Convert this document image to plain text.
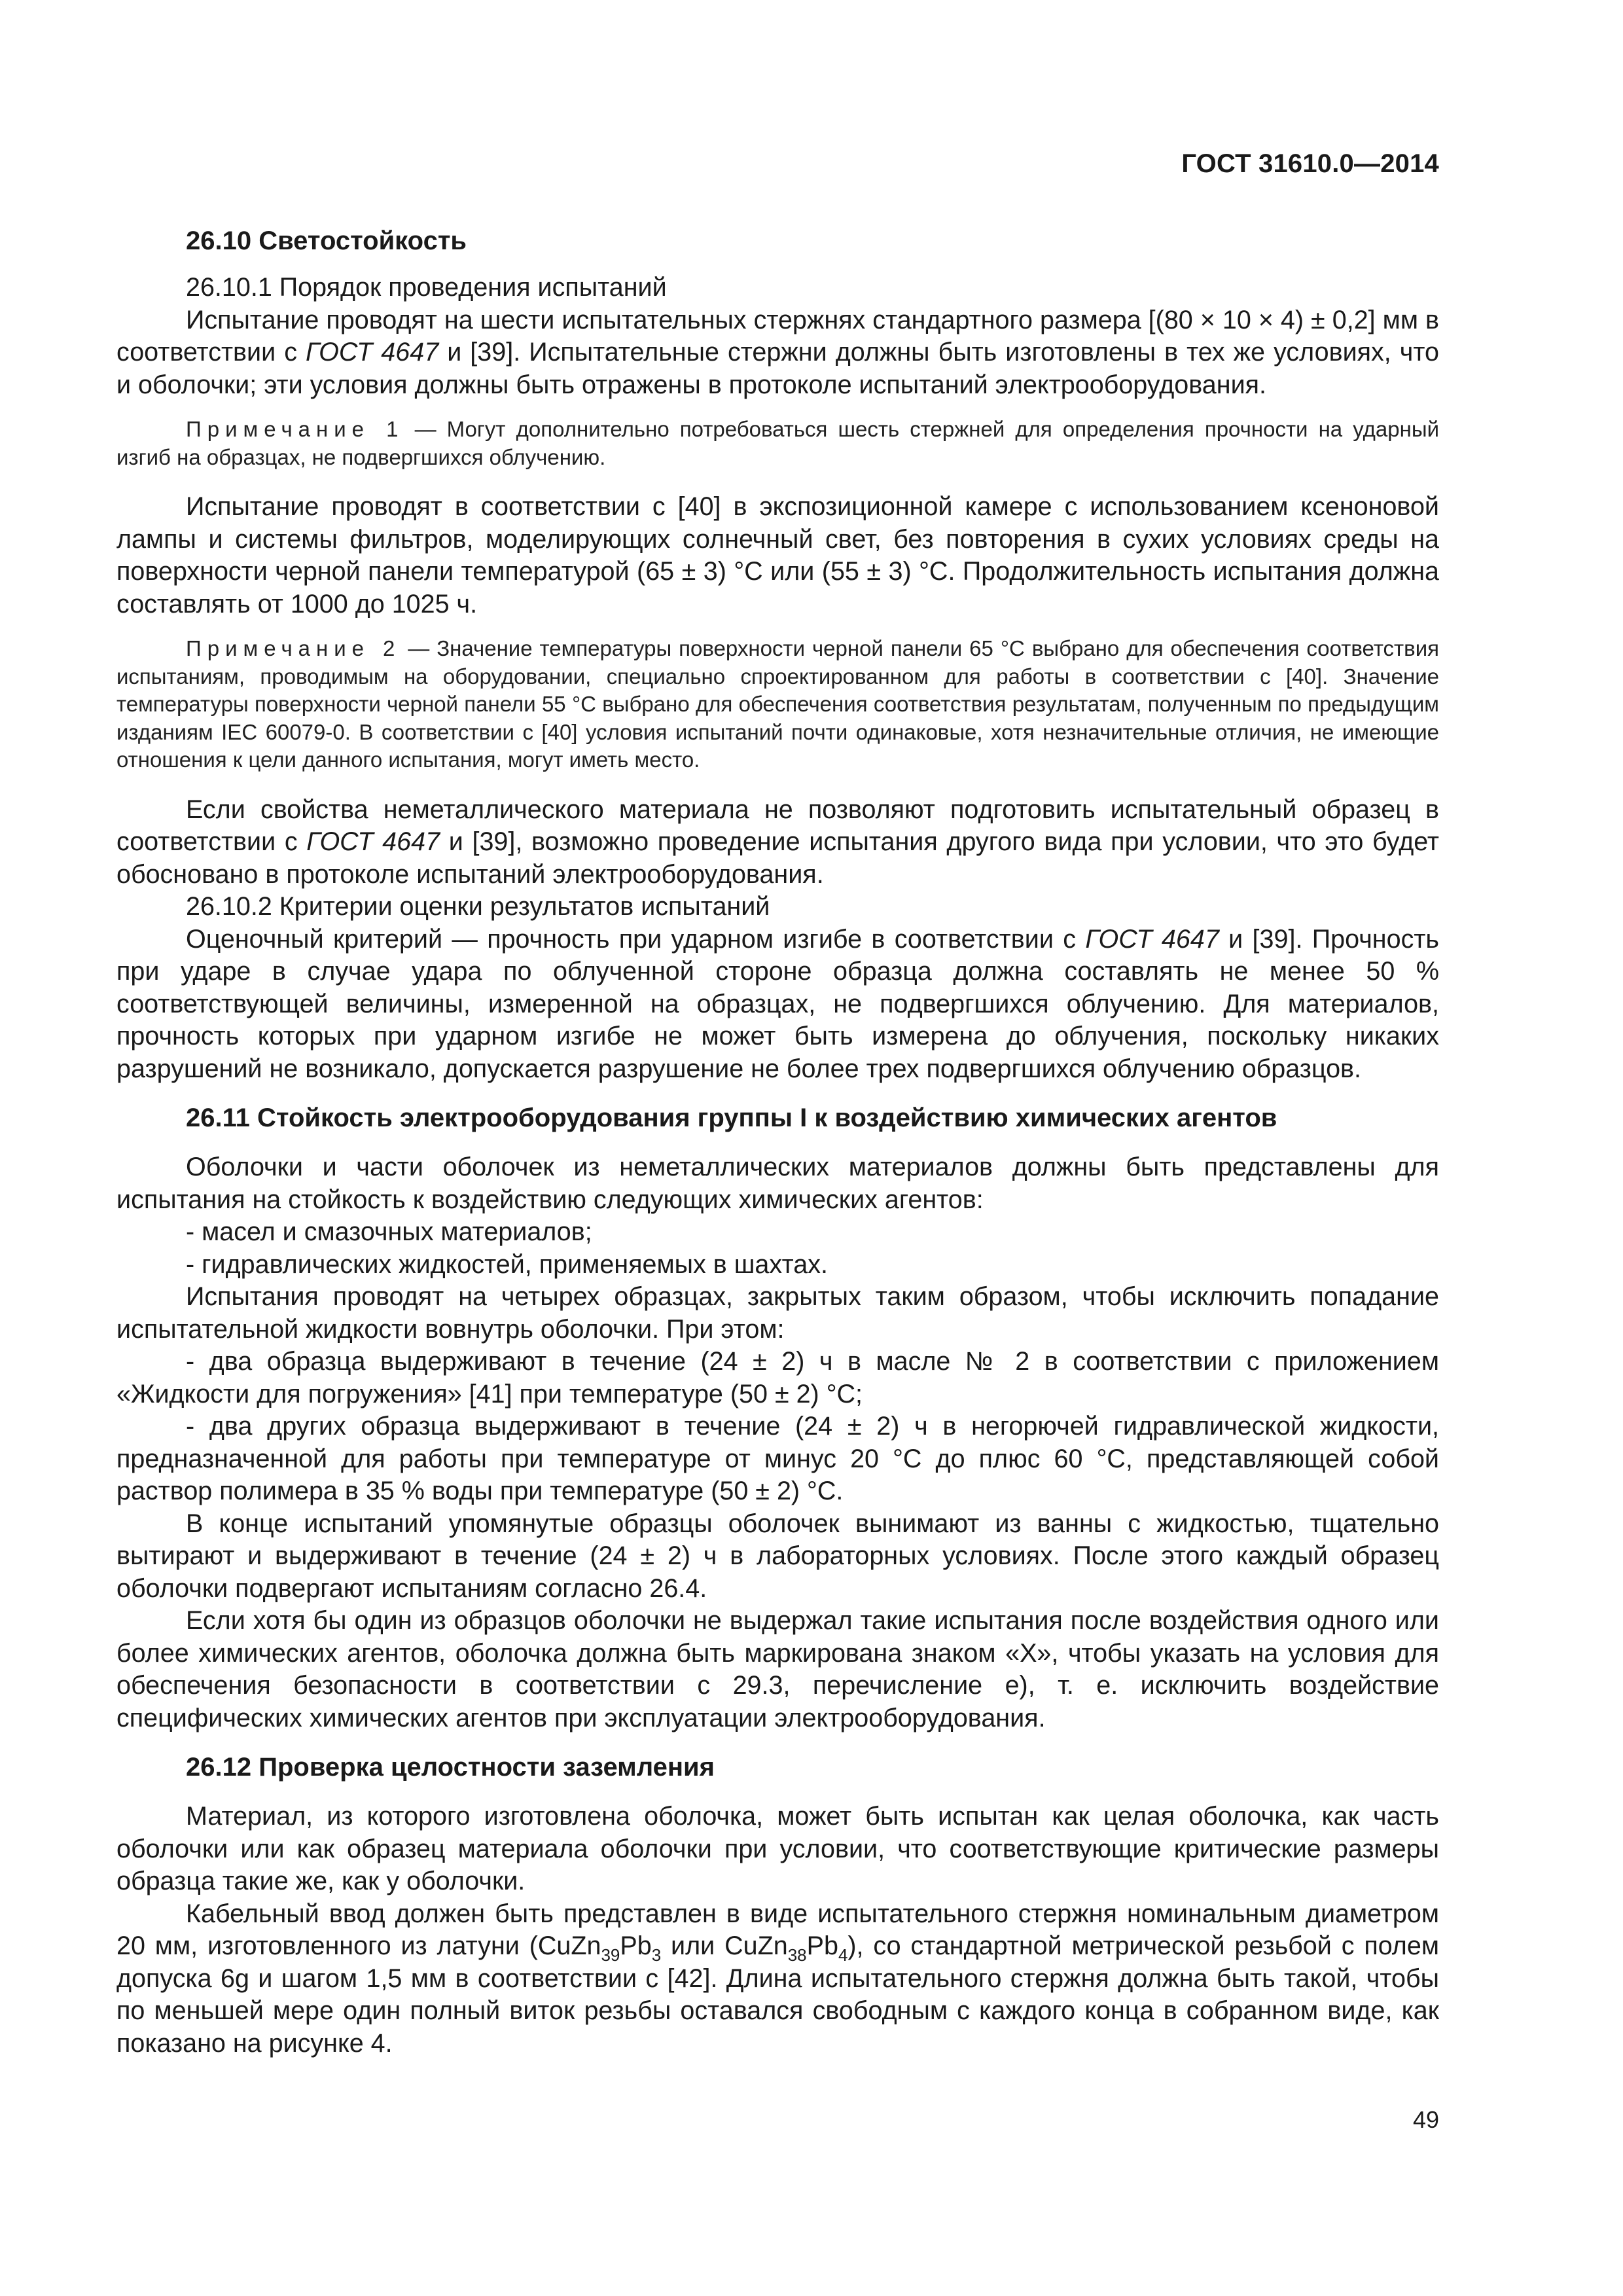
ГОСТ 31610.0—2014

26.10 Светостойкость

26.10.1 Порядок проведения испытаний

Испытание проводят на шести испытательных стержнях стандартного размера [(80 × 10 × 4) ± 0,2] мм в соответствии с ГОСТ 4647 и [39]. Испытательные стержни должны быть изготовлены в тех же условиях, что и оболочки; эти условия должны быть отражены в протоколе испытаний электрооборудования.

Примечание 1 — Могут дополнительно потребоваться шесть стержней для определения прочности на ударный изгиб на образцах, не подвергшихся облучению.

Испытание проводят в соответствии с [40] в экспозиционной камере с использованием ксеноновой лампы и системы фильтров, моделирующих солнечный свет, без повторения в сухих условиях среды на поверхности черной панели температурой (65 ± 3) °С или (55 ± 3) °С. Продолжительность испытания должна составлять от 1000 до 1025 ч.

Примечание 2 — Значение температуры поверхности черной панели 65 °С выбрано для обеспечения соответствия испытаниям, проводимым на оборудовании, специально спроектированном для работы в соответствии с [40]. Значение температуры поверхности черной панели 55 °С выбрано для обеспечения соответствия результатам, полученным по предыдущим изданиям IEC 60079-0. В соответствии с [40] условия испытаний почти одинаковые, хотя незначительные отличия, не имеющие отношения к цели данного испытания, могут иметь место.

Если свойства неметаллического материала не позволяют подготовить испытательный образец в соответствии с ГОСТ 4647 и [39], возможно проведение испытания другого вида при условии, что это будет обосновано в протоколе испытаний электрооборудования.

26.10.2 Критерии оценки результатов испытаний

Оценочный критерий — прочность при ударном изгибе в соответствии с ГОСТ 4647 и [39]. Прочность при ударе в случае удара по облученной стороне образца должна составлять не менее 50 % соответствующей величины, измеренной на образцах, не подвергшихся облучению. Для материалов, прочность которых при ударном изгибе не может быть измерена до облучения, поскольку никаких разрушений не возникало, допускается разрушение не более трех подвергшихся облучению образцов.

26.11 Стойкость электрооборудования группы I к воздействию химических агентов

Оболочки и части оболочек из неметаллических материалов должны быть представлены для испытания на стойкость к воздействию следующих химических агентов:

- масел и смазочных материалов;

- гидравлических жидкостей, применяемых в шахтах.

Испытания проводят на четырех образцах, закрытых таким образом, чтобы исключить попадание испытательной жидкости вовнутрь оболочки. При этом:

- два образца выдерживают в течение (24 ± 2) ч в масле № 2 в соответствии с приложением «Жидкости для погружения» [41] при температуре (50 ± 2) °С;

- два других образца выдерживают в течение (24 ± 2) ч в негорючей гидравлической жидкости, предназначенной для работы при температуре от минус 20 °С до плюс 60 °С, представляющей собой раствор полимера в 35 % воды при температуре (50 ± 2) °С.

В конце испытаний упомянутые образцы оболочек вынимают из ванны с жидкостью, тщательно вытирают и выдерживают в течение (24 ± 2) ч в лабораторных условиях. После этого каждый образец оболочки подвергают испытаниям согласно 26.4.

Если хотя бы один из образцов оболочки не выдержал такие испытания после воздействия одного или более химических агентов, оболочка должна быть маркирована знаком «Х», чтобы указать на условия для обеспечения безопасности в соответствии с 29.3, перечисление е), т. е. исключить воздействие специфических химических агентов при эксплуатации электрооборудования.

26.12 Проверка целостности заземления

Материал, из которого изготовлена оболочка, может быть испытан как целая оболочка, как часть оболочки или как образец материала оболочки при условии, что соответствующие критические размеры образца такие же, как у оболочки.

Кабельный ввод должен быть представлен в виде испытательного стержня номинальным диаметром 20 мм, изготовленного из латуни ($CuZn_{39}Pb_3$ или $CuZn_{38}Pb_4$), со стандартной метрической резьбой с полем допуска 6g и шагом 1,5 мм в соответствии с [42]. Длина испытательного стержня должна быть такой, чтобы по меньшей мере один полный виток резьбы оставался свободным с каждого конца в собранном виде, как показано на рисунке 4.

49
